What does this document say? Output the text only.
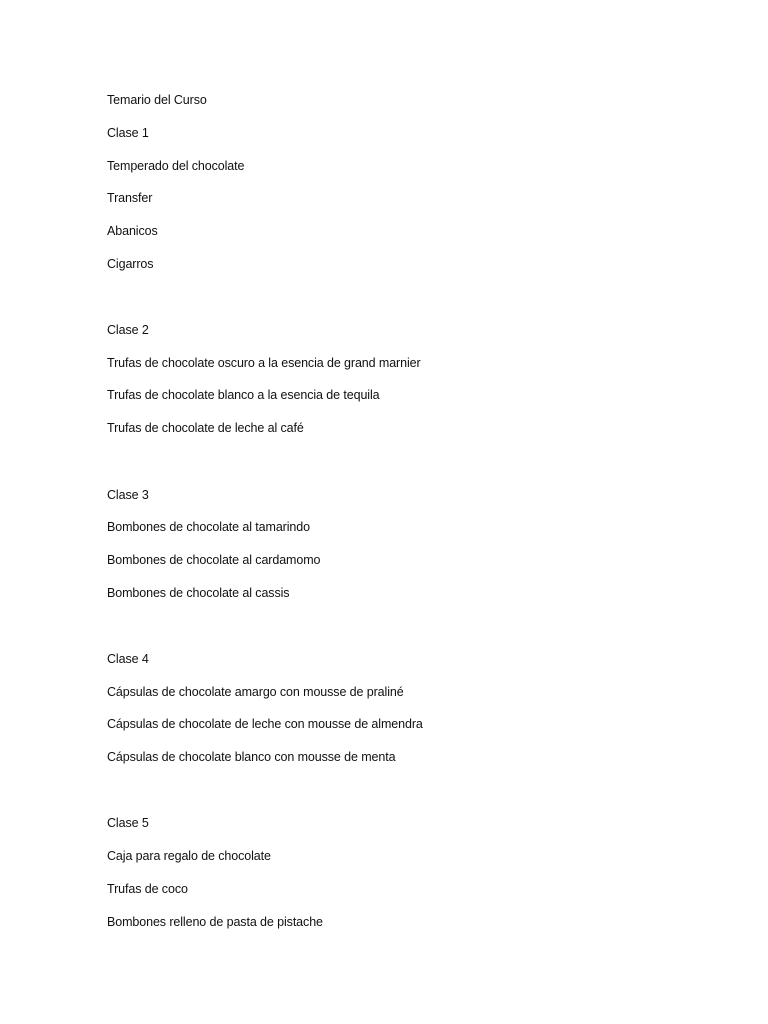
Temario del Curso
Clase 1
Temperado del chocolate
Transfer
Abanicos
Cigarros
Clase 2
Trufas de chocolate oscuro a la esencia de grand marnier
Trufas de chocolate blanco a la esencia de tequila
Trufas de chocolate de leche al café
Clase 3
Bombones de chocolate al tamarindo
Bombones de chocolate al cardamomo
Bombones de chocolate al cassis
Clase 4
Cápsulas de chocolate amargo con mousse de praliné
Cápsulas de chocolate de leche con mousse de almendra
Cápsulas de chocolate blanco con mousse de menta
Clase 5
Caja para regalo de chocolate
Trufas de coco
Bombones relleno de pasta de pistache
